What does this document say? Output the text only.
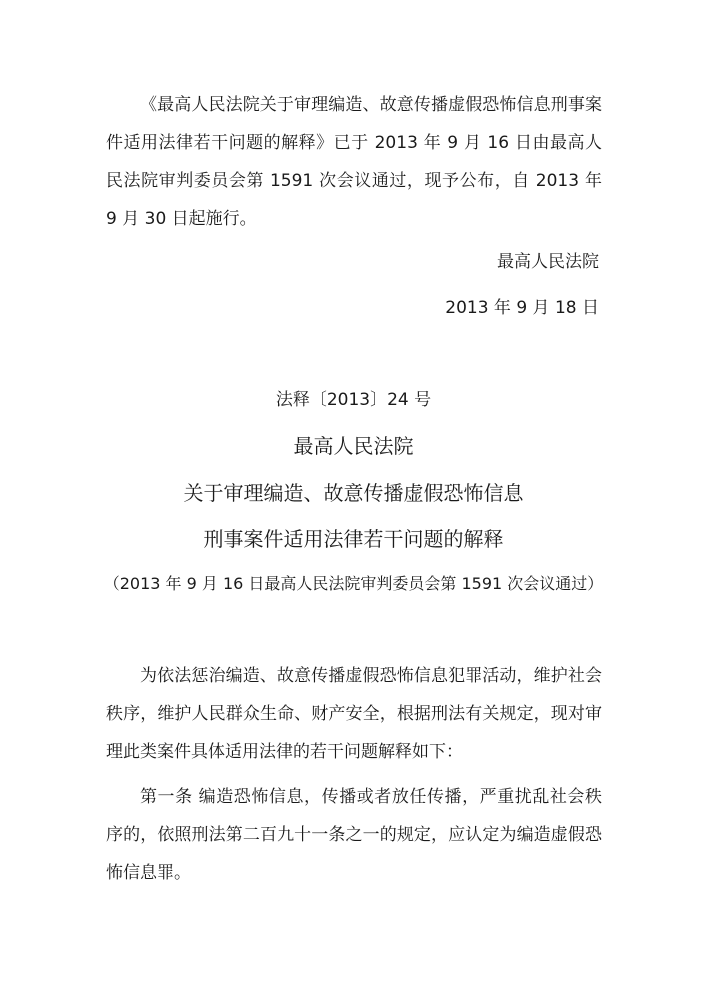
《最高人民法院关于审理编造、故意传播虚假恐怖信息刑事案件适用法律若干问题的解释》已于 2013 年 9 月 16 日由最高人民法院审判委员会第 1591 次会议通过，现予公布，自 2013 年 9 月 30 日起施行。

最高人民法院

2013 年 9 月 18 日

法释〔2013〕24 号

最高人民法院

关于审理编造、故意传播虚假恐怖信息

刑事案件适用法律若干问题的解释

（2013 年 9 月 16 日最高人民法院审判委员会第 1591 次会议通过）

为依法惩治编造、故意传播虚假恐怖信息犯罪活动，维护社会秩序，维护人民群众生命、财产安全，根据刑法有关规定，现对审理此类案件具体适用法律的若干问题解释如下：

第一条 编造恐怖信息，传播或者放任传播，严重扰乱社会秩序的，依照刑法第二百九十一条之一的规定，应认定为编造虚假恐怖信息罪。
